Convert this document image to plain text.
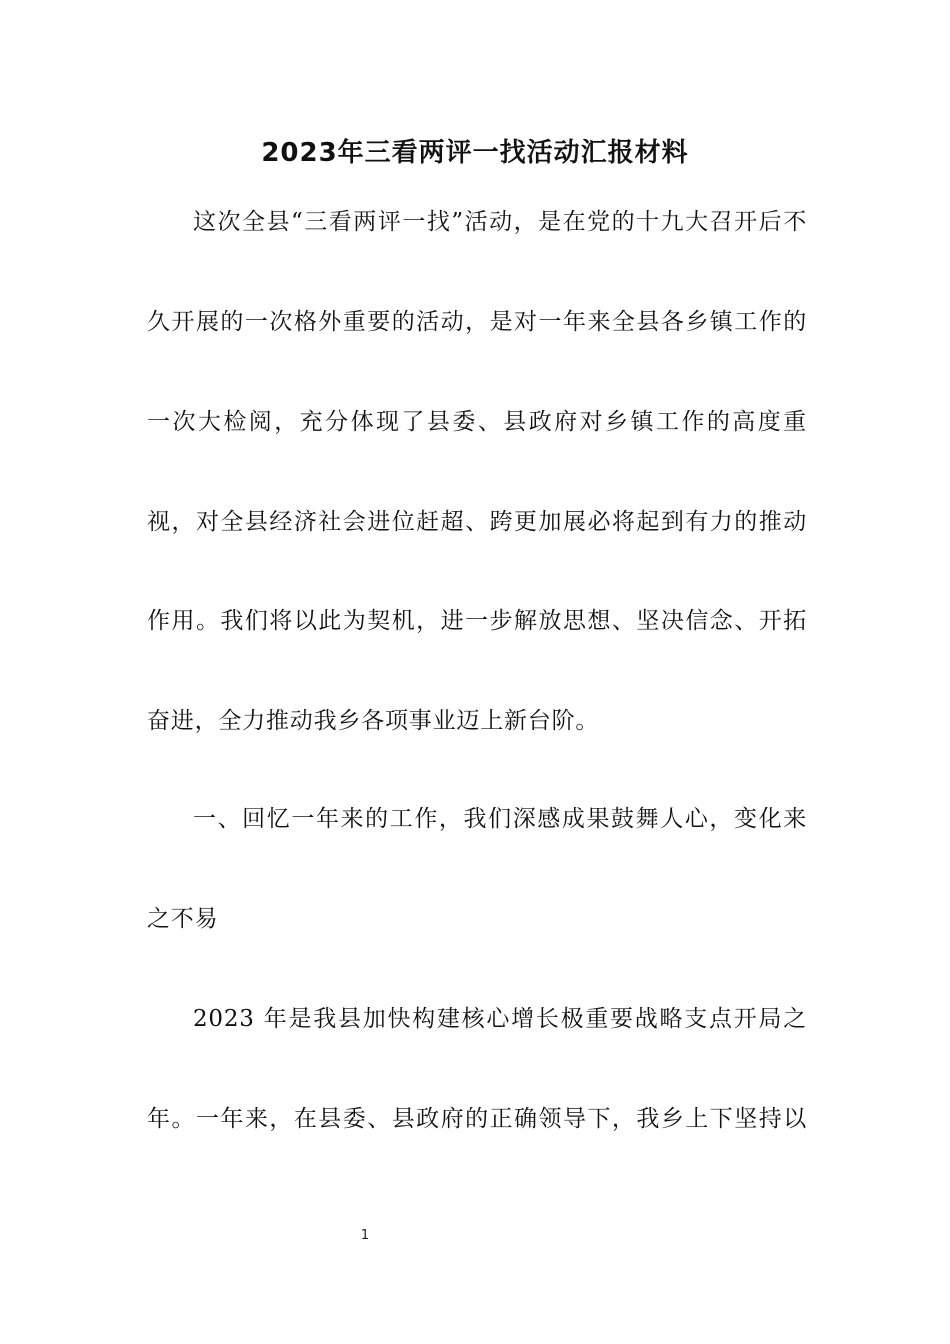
2023年三看两评一找活动汇报材料
这次全县“三看两评一找”活动，是在党的十九大召开后不
久开展的一次格外重要的活动，是对一年来全县各乡镇工作的
一次大检阅，充分体现了县委、县政府对乡镇工作的高度重
视，对全县经济社会进位赶超、跨更加展必将起到有力的推动
作用。我们将以此为契机，进一步解放思想、坚决信念、开拓
奋进，全力推动我乡各项事业迈上新台阶。
一、回忆一年来的工作，我们深感成果鼓舞人心，变化来
之不易
2023 年是我县加快构建核心增长极重要战略支点开局之
年。一年来，在县委、县政府的正确领导下，我乡上下坚持以
1
